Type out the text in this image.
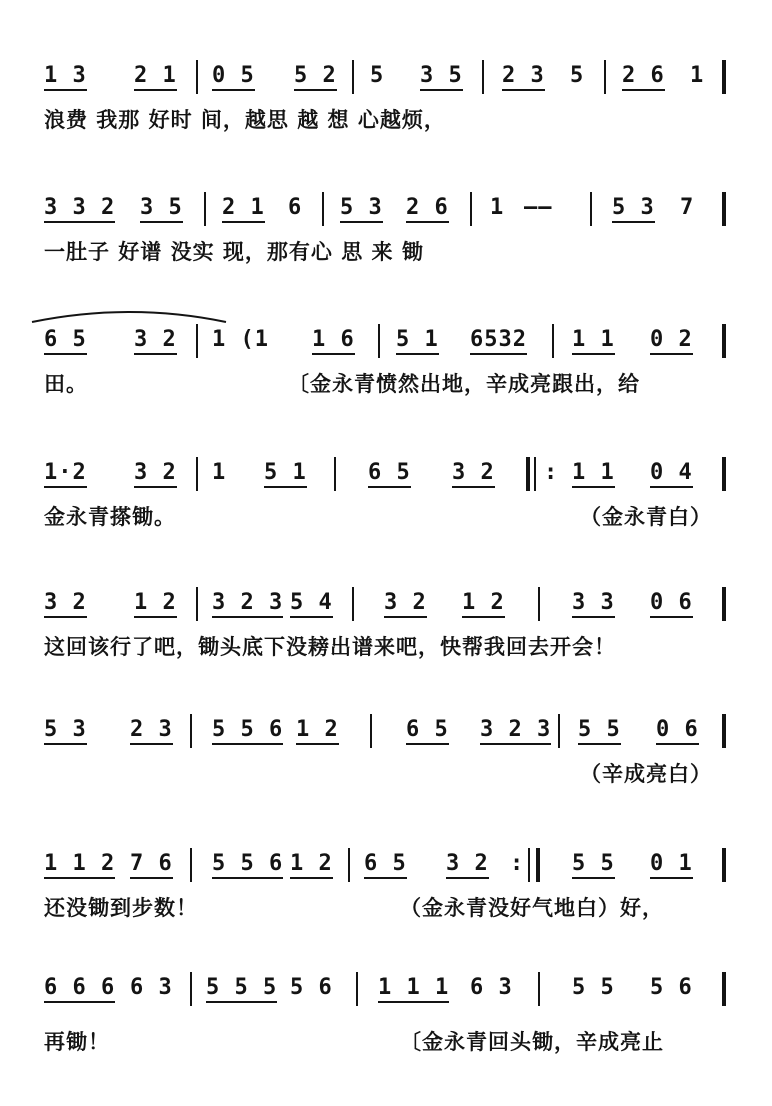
1 3 2 1 0 5 5 2 5 3 5 2 3 5 2 6 1
浪费 我那 好时 间，越思 越 想 心越烦，
3 3 2 3 5 2 1 6 5 3 2 6 1 ——	5 3 7
一肚子 好谱 没实 现，那有心 思 来 锄
6 5 3 2 1 (1 1 6 5 1 6532 1 1 0 2
田。	〔金永青愤然出地，辛成亮跟出，给
1·2 3 2 1 5 1	6 5 3 2 : 1 1 0 4
金永青搽锄。	（金永青白）
3 2 1 2 3 2 3 5 4 3 2 1 2	3 3 0 6
这回该行了吧，锄头底下没耪出谱来吧，快帮我回去开会！
5 3 2 3 5 5 6 1 2	6 5 3 2 3 5 5 0 6
（辛成亮白）
1 1 2 7 6 5 5 6 1 2 6 5 3 2 : 5 5 0 1
还没锄到步数！	（金永青没好气地白）好，
6 6 6 6 3 5 5 5 5 6 1 1 1 6 3	5 5 5 6
再锄！	〔金永青回头锄，辛成亮止
